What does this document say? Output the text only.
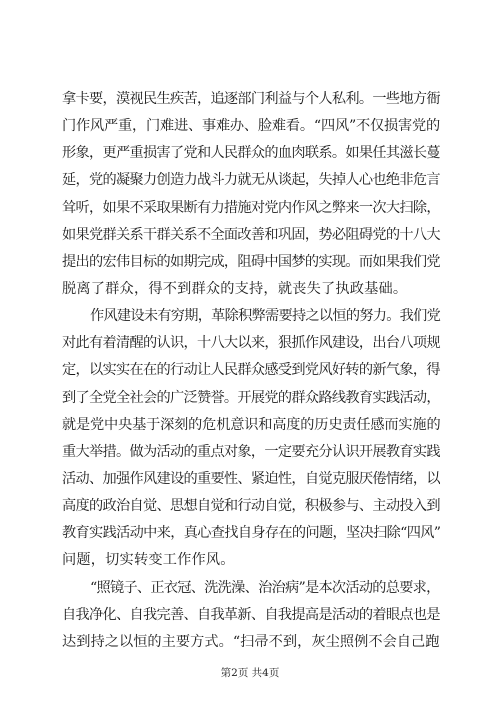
拿卡要，漠视民生疾苦，追逐部门利益与个人私利。一些地方衙
门作风严重，门难进、事难办、脸难看。“四风”不仅损害党的
形象，更严重损害了党和人民群众的血肉联系。如果任其滋长蔓
延，党的凝聚力创造力战斗力就无从谈起，失掉人心也绝非危言
耸听，如果不采取果断有力措施对党内作风之弊来一次大扫除，
如果党群关系干群关系不全面改善和巩固，势必阻碍党的十八大
提出的宏伟目标的如期完成，阻碍中国梦的实现。而如果我们党
脱离了群众，得不到群众的支持，就丧失了执政基础。
作风建设未有穷期，革除积弊需要持之以恒的努力。我们党
对此有着清醒的认识，十八大以来，狠抓作风建设，出台八项规
定，以实实在在的行动让人民群众感受到党风好转的新气象，得
到了全党全社会的广泛赞誉。开展党的群众路线教育实践活动，
就是党中央基于深刻的危机意识和高度的历史责任感而实施的
重大举措。做为活动的重点对象，一定要充分认识开展教育实践
活动、加强作风建设的重要性、紧迫性，自觉克服厌倦情绪，以
高度的政治自觉、思想自觉和行动自觉，积极参与、主动投入到
教育实践活动中来，真心查找自身存在的问题，坚决扫除“四风”
问题，切实转变工作作风。
“照镜子、正衣冠、洗洗澡、治治病”是本次活动的总要求，
自我净化、自我完善、自我革新、自我提高是活动的着眼点也是
达到持之以恒的主要方式。“扫帚不到，灰尘照例不会自己跑
第2页 共4页
